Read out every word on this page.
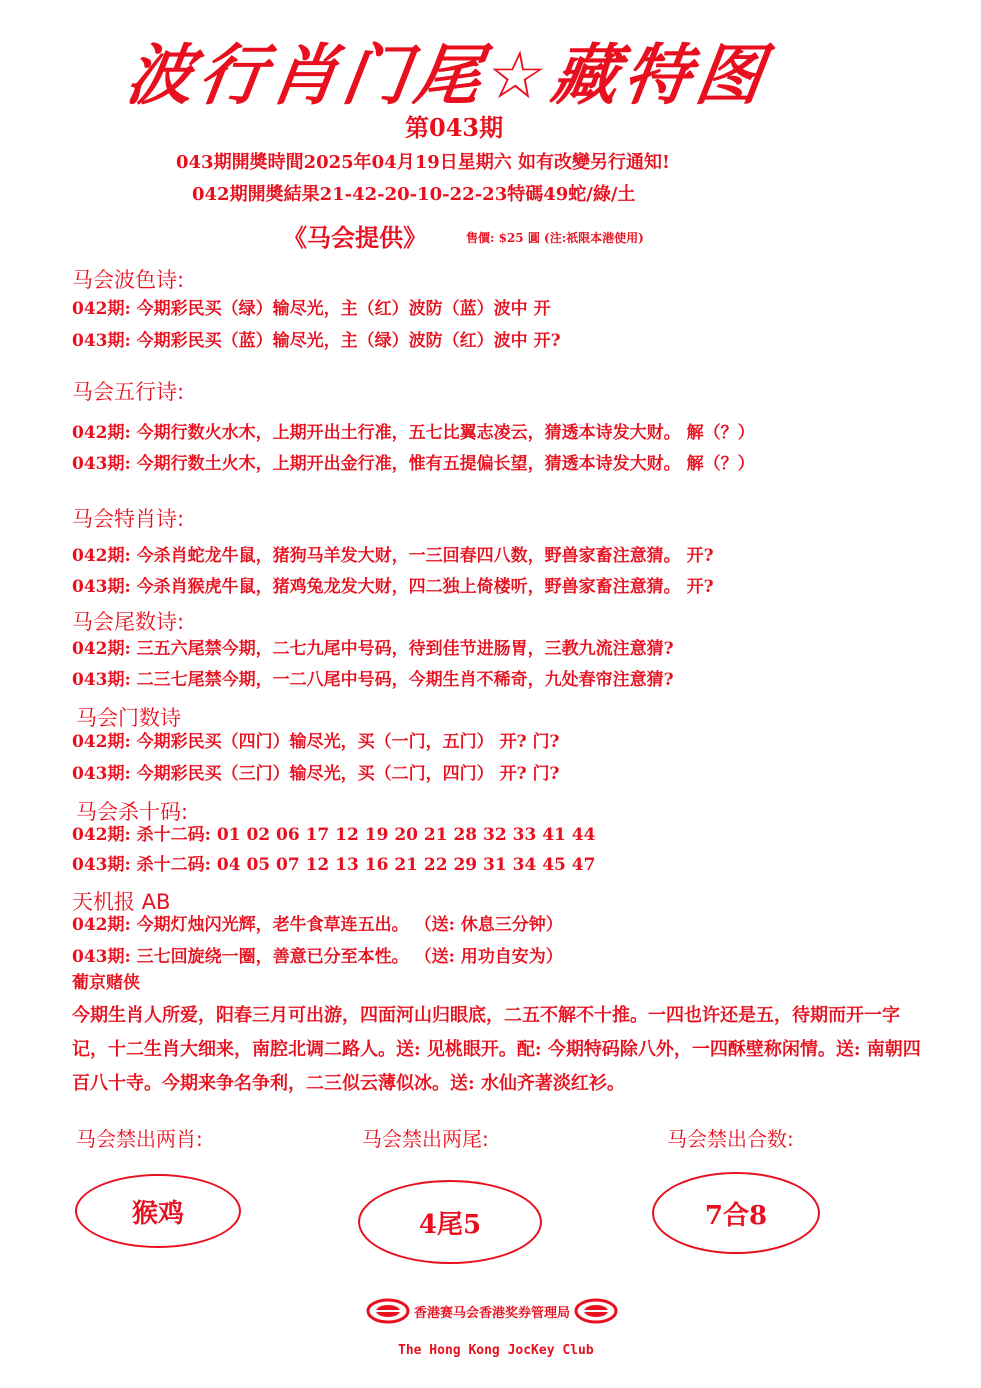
波行肖门尾☆藏特图
第043期
043期開奬時間2025年04月19日星期六 如有改變另行通知!
042期開奬結果21-42-20-10-22-23特碼49蛇/綠/土
《马会提供》	售價: $25 圓 (注:祇限本港使用)
马会波色诗:
042期: 今期彩民买（绿）输尽光，主（红）波防（蓝）波中 开
043期: 今期彩民买（蓝）输尽光，主（绿）波防（红）波中 开?
马会五行诗:
042期: 今期行数火水木，上期开出土行准，五七比翼志凌云，猜透本诗发大财。 解（？）
043期: 今期行数土火木，上期开出金行准，惟有五提偏长望，猜透本诗发大财。 解（？）
马会特肖诗:
042期: 今杀肖蛇龙牛鼠，猪狗马羊发大财，一三回春四八数，野兽家畜注意猜。 开?
043期: 今杀肖猴虎牛鼠，猪鸡兔龙发大财，四二独上倚楼听，野兽家畜注意猜。 开?
马会尾数诗:
042期: 三五六尾禁今期，二七九尾中号码，待到佳节进肠胃，三教九流注意猜?
043期: 二三七尾禁今期，一二八尾中号码，今期生肖不稀奇，九处春帘注意猜?
马会门数诗
042期: 今期彩民买（四门）输尽光，买（一门，五门） 开? 门?
043期: 今期彩民买（三门）输尽光，买（二门，四门） 开? 门?
马会杀十码:
042期: 杀十二码: 01 02 06 17 12 19 20 21 28 32 33 41 44
043期: 杀十二码: 04 05 07 12 13 16 21 22 29 31 34 45 47
天机报 AB
042期: 今期灯烛闪光辉，老牛食草连五出。 （送: 休息三分钟）
043期: 三七回旋绕一圈，善意已分至本性。 （送: 用功自安为）
葡京赌侠
今期生肖人所爱，阳春三月可出游，四面河山归眼底，二五不解不十推。一四也许还是五，待期而开一字记，十二生肖大细来，南腔北调二路人。送: 见桃眼开。配: 今期特码除八外，一四酥壁称闲情。送: 南朝四百八十寺。今期来争名争利，二三似云薄似冰。送: 水仙齐著淡红衫。
马会禁出两肖:	马会禁出两尾:	马会禁出合数:
猴鸡	4尾5	7合8
香港赛马会香港奖券管理局
The Hong Kong JocKey Club
